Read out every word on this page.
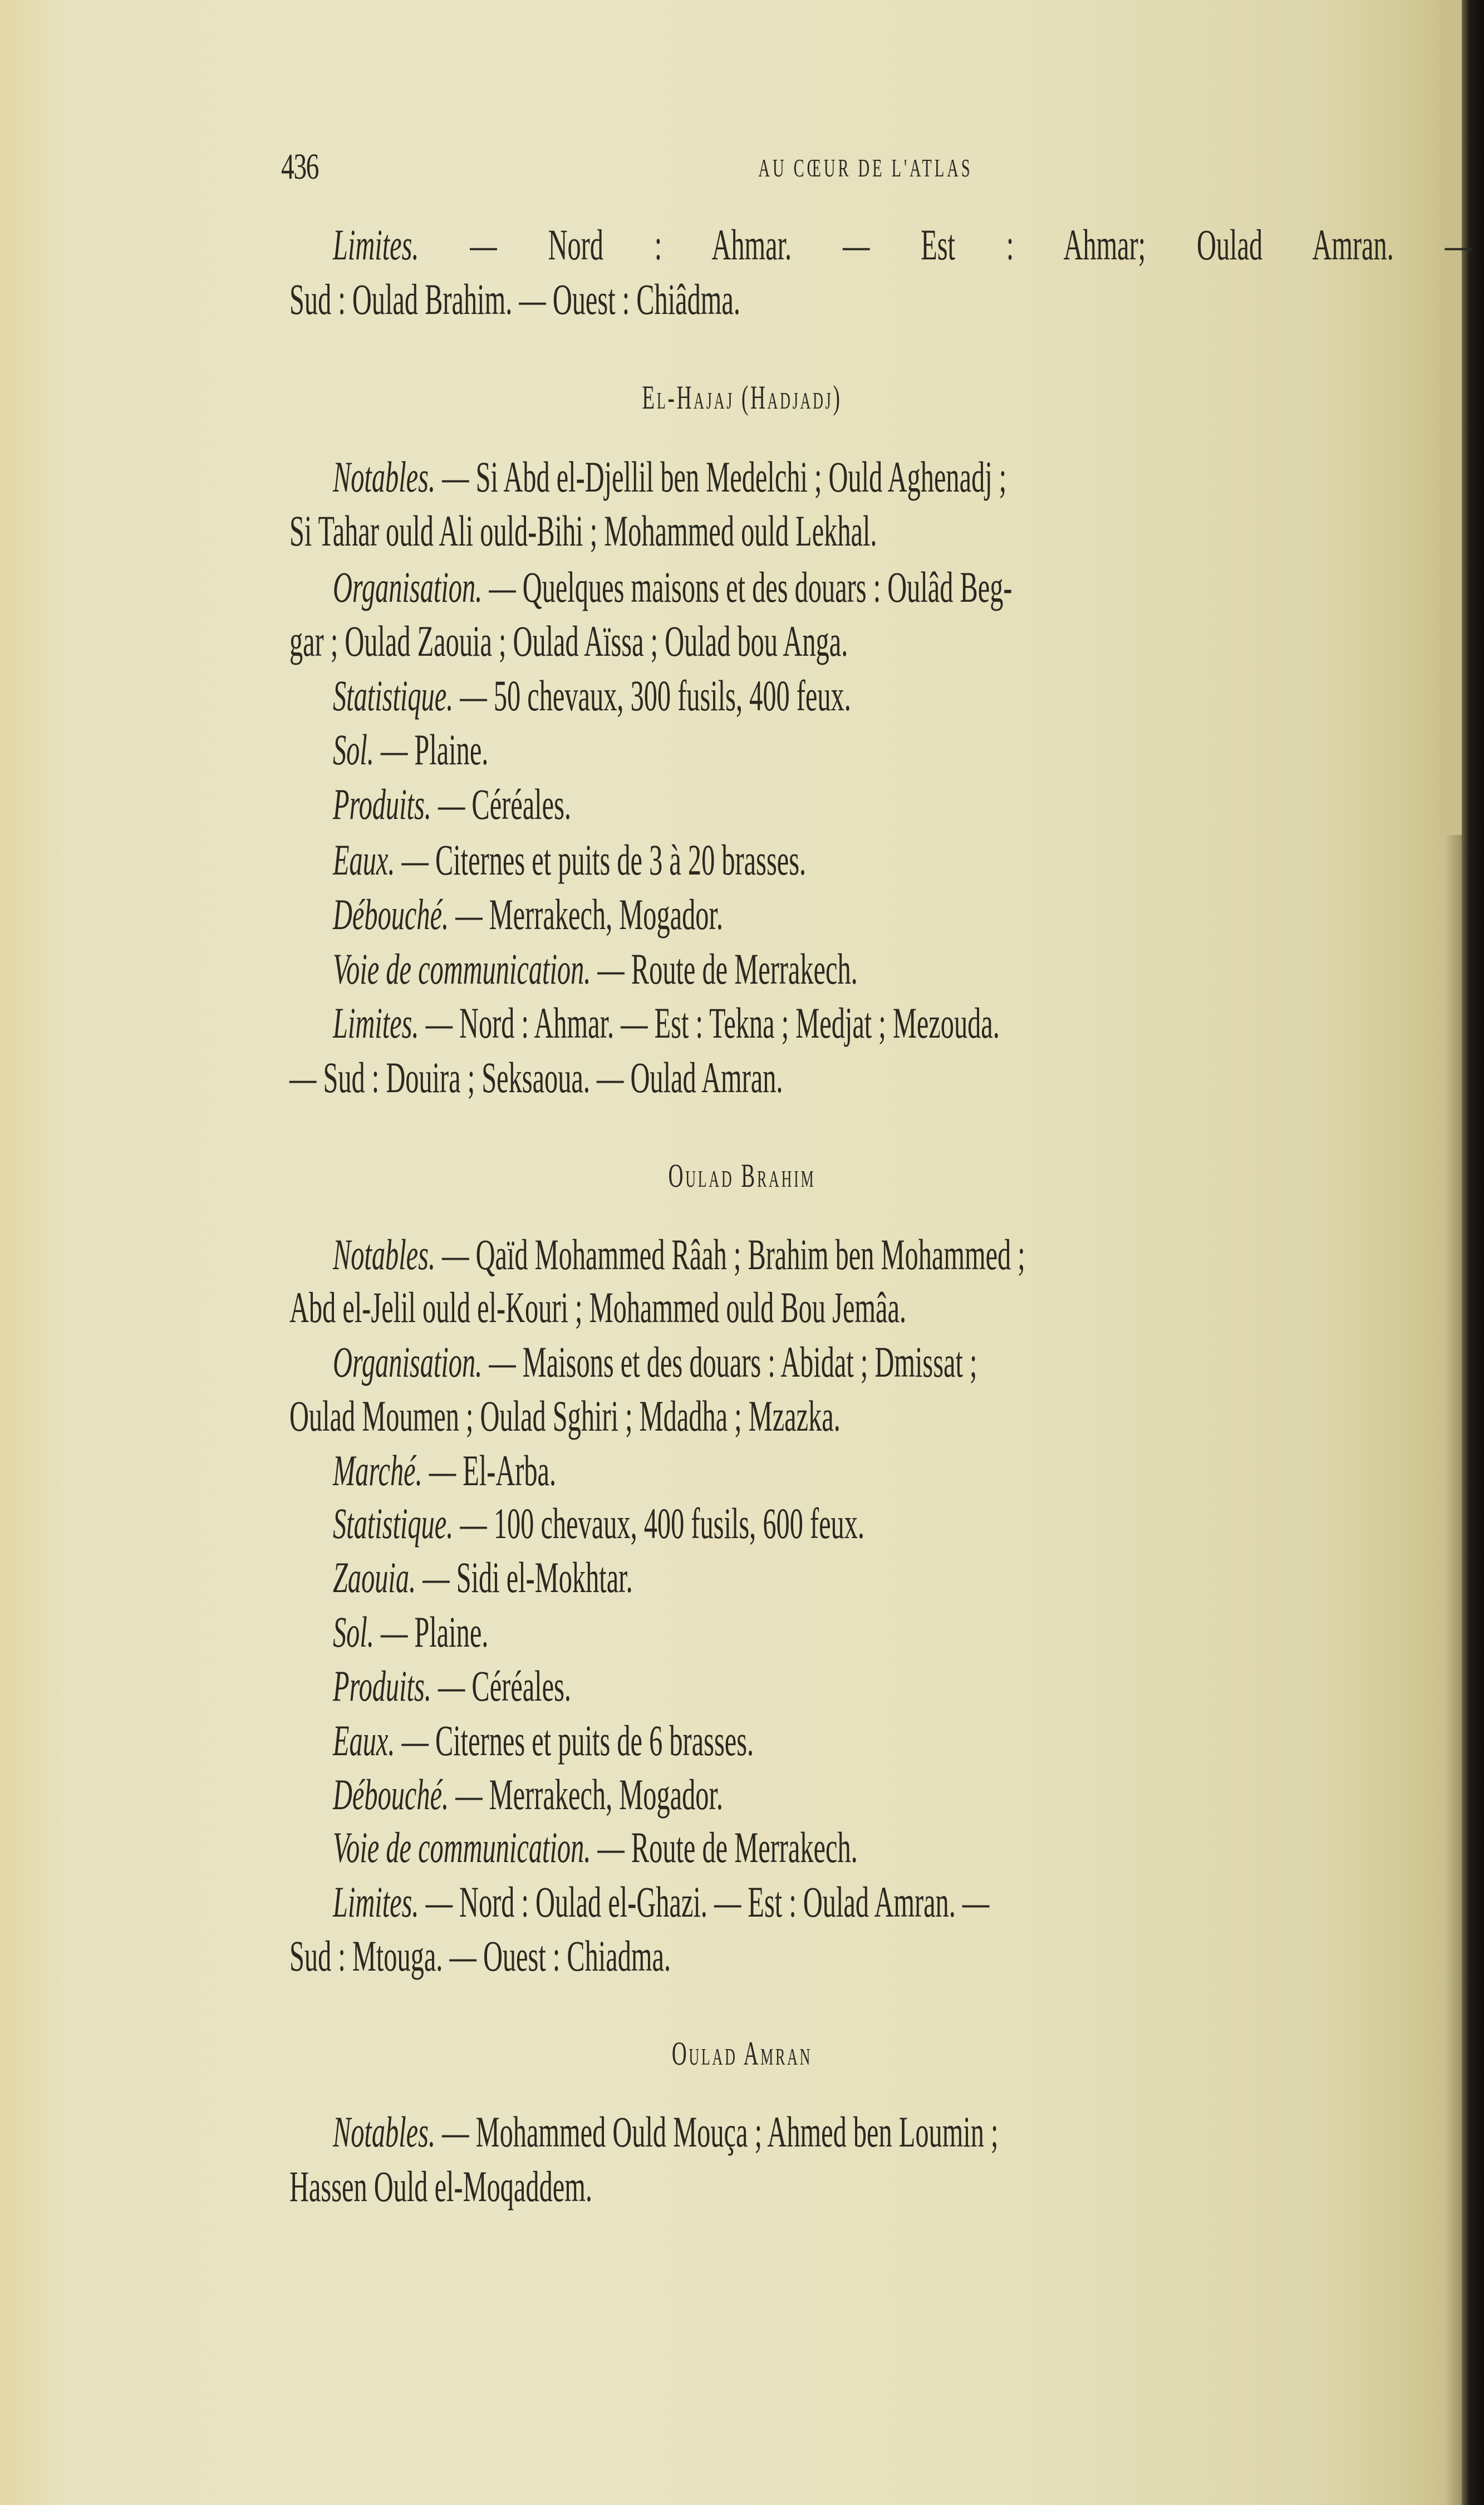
436	AU CŒUR DE L'ATLAS
Limites. — Nord : Ahmar. — Est : Ahmar; Oulad Amran. —
Sud : Oulad Brahim. — Ouest : Chiâdma.
El-Hajaj (Hadjadj)
Notables. — Si Abd el-Djellil ben Medelchi ; Ould Aghenadj ;
Si Tahar ould Ali ould-Bihi ; Mohammed ould Lekhal.
Organisation. — Quelques maisons et des douars : Oulâd Beg-
gar ; Oulad Zaouia ; Oulad Aïssa ; Oulad bou Anga.
Statistique. — 50 chevaux, 300 fusils, 400 feux.
Sol. — Plaine.
Produits. — Céréales.
Eaux. — Citernes et puits de 3 à 20 brasses.
Débouché. — Merrakech, Mogador.
Voie de communication. — Route de Merrakech.
Limites. — Nord : Ahmar. — Est : Tekna ; Medjat ; Mezouda.
— Sud : Douira ; Seksaoua. — Oulad Amran.
Oulad Brahim
Notables. — Qaïd Mohammed Râah ; Brahim ben Mohammed ;
Abd el-Jelil ould el-Kouri ; Mohammed ould Bou Jemâa.
Organisation. — Maisons et des douars : Abidat ; Dmissat ;
Oulad Moumen ; Oulad Sghiri ; Mdadha ; Mzazka.
Marché. — El-Arba.
Statistique. — 100 chevaux, 400 fusils, 600 feux.
Zaouia. — Sidi el-Mokhtar.
Sol. — Plaine.
Produits. — Céréales.
Eaux. — Citernes et puits de 6 brasses.
Débouché. — Merrakech, Mogador.
Voie de communication. — Route de Merrakech.
Limites. — Nord : Oulad el-Ghazi. — Est : Oulad Amran. —
Sud : Mtouga. — Ouest : Chiadma.
Oulad Amran
Notables. — Mohammed Ould Mouça ; Ahmed ben Loumin ;
Hassen Ould el-Moqaddem.
